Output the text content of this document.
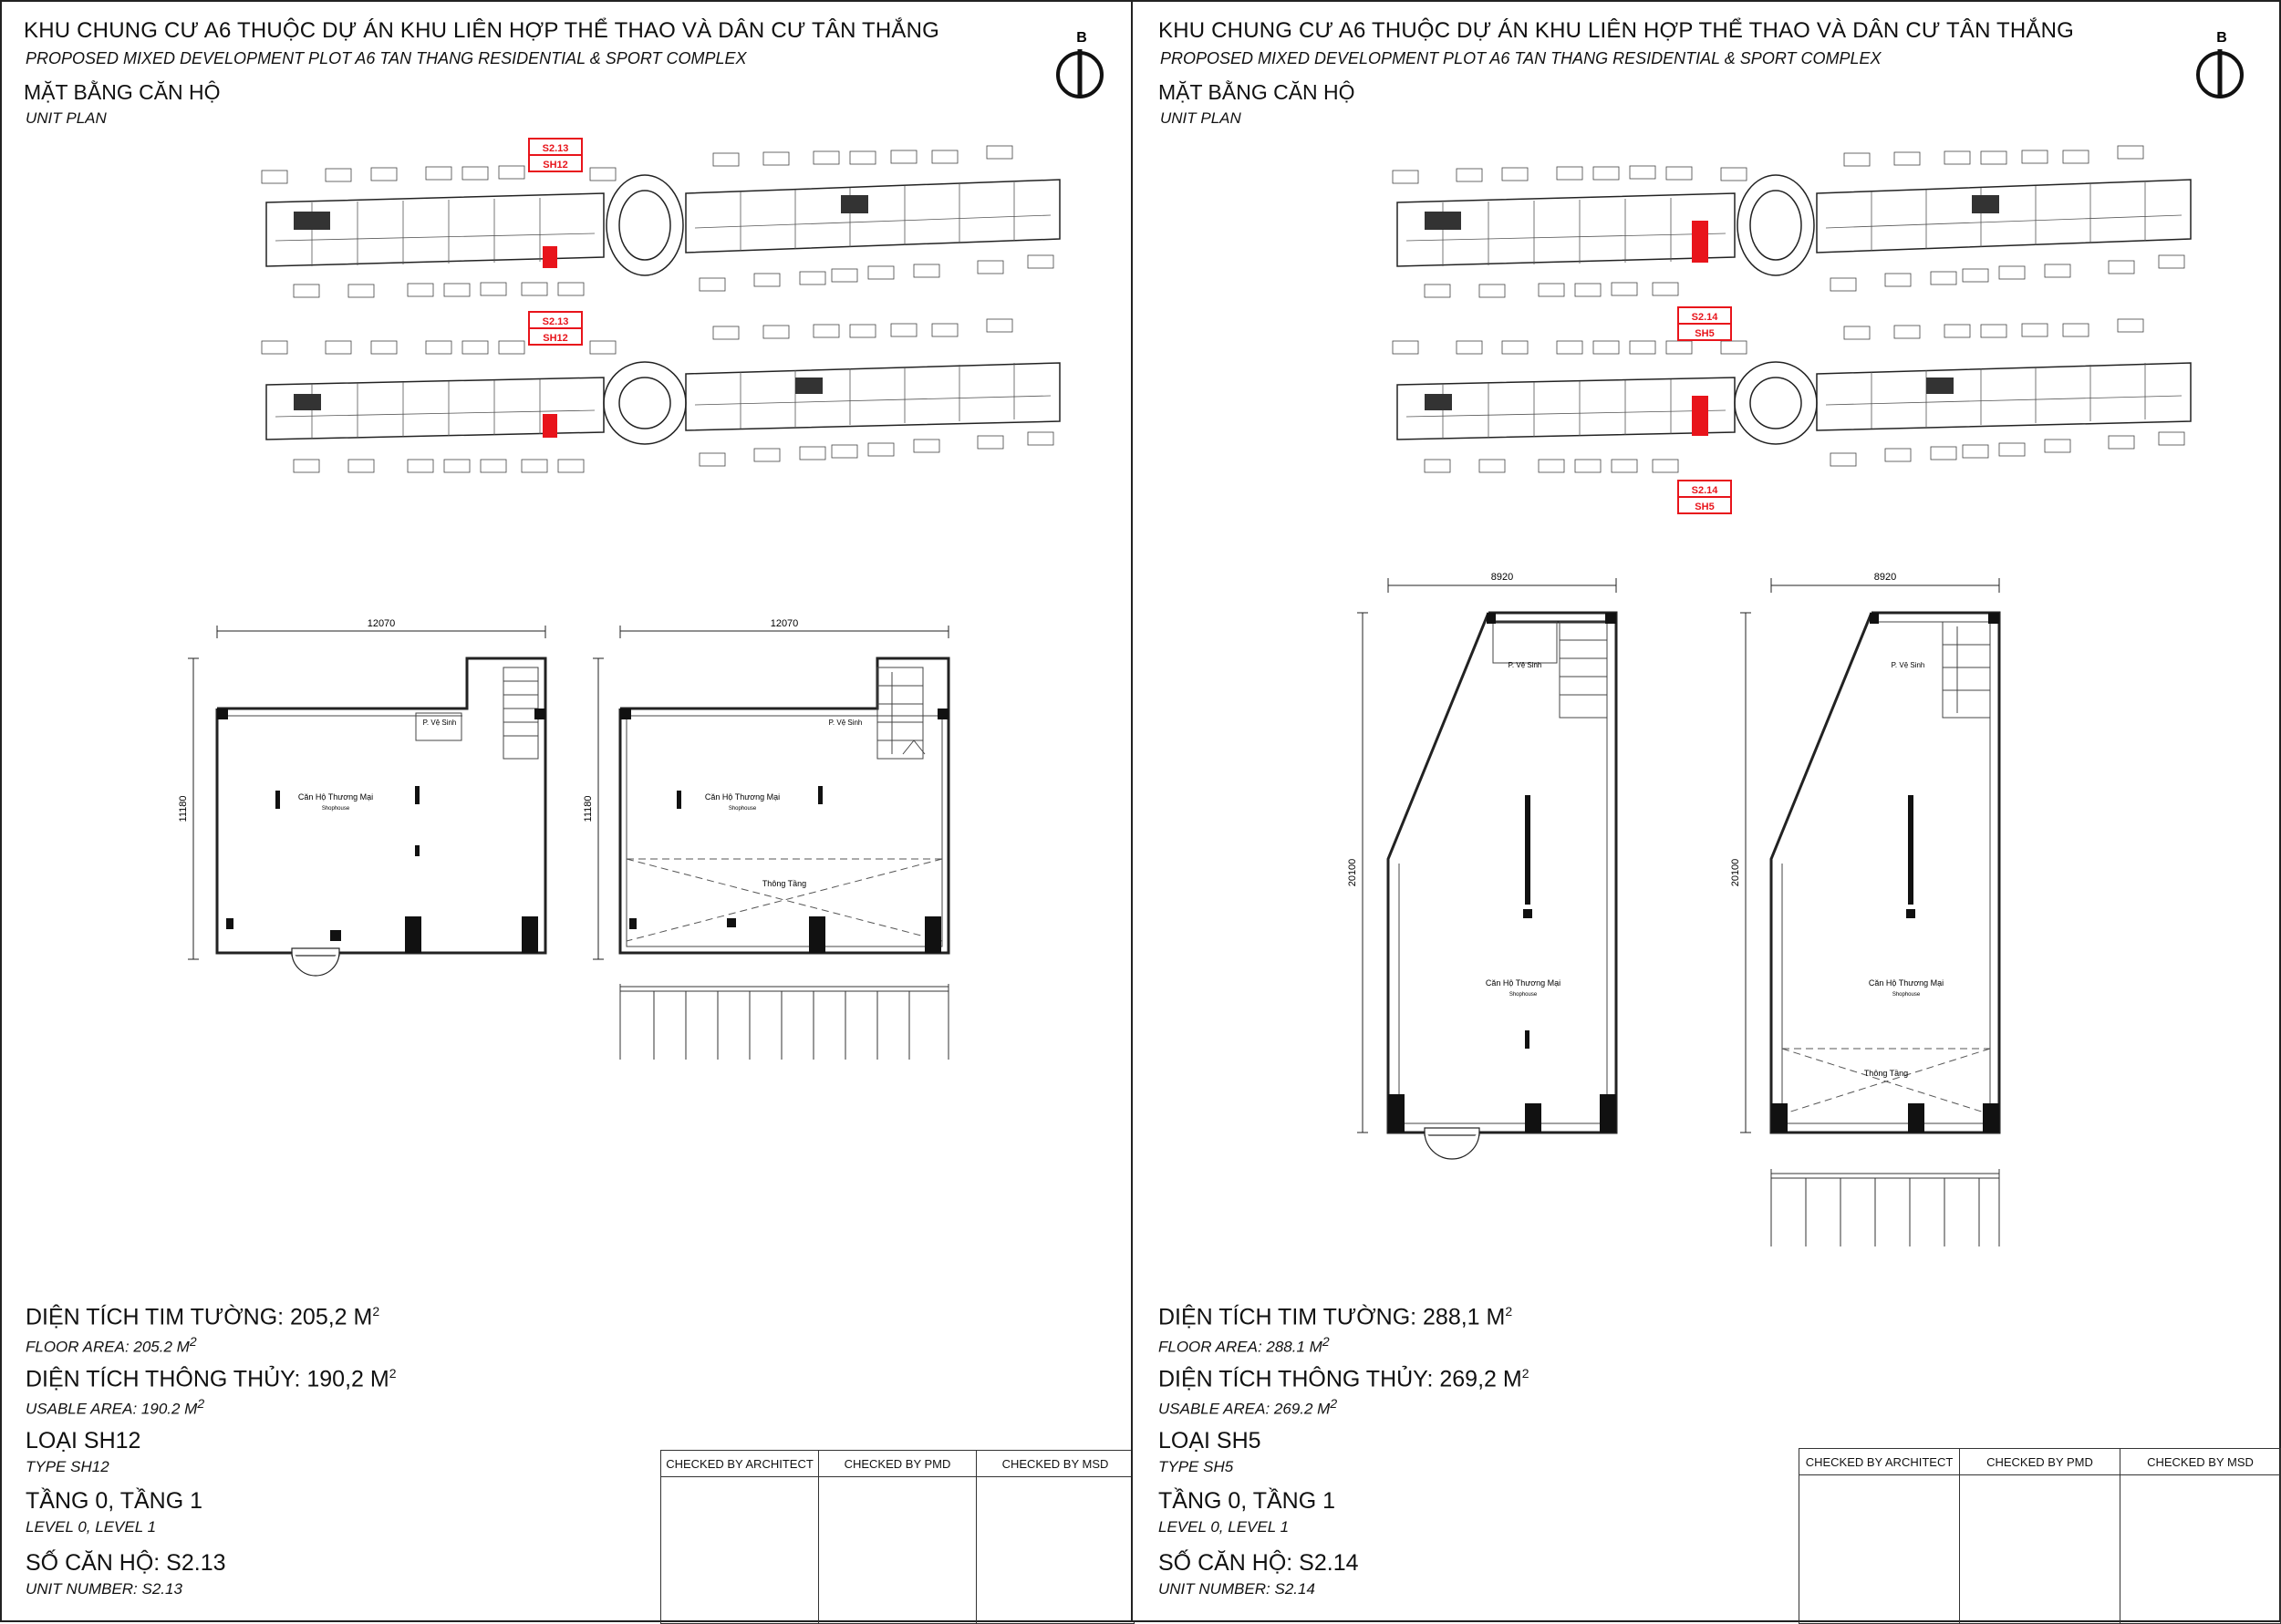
KHU CHUNG CƯ A6 THUỘC DỰ ÁN KHU LIÊN HỢP THỂ THAO VÀ DÂN CƯ TÂN THẮNG
PROPOSED MIXED DEVELOPMENT PLOT A6 TAN THANG RESIDENTIAL & SPORT COMPLEX
MẶT BẰNG CĂN HỘ
UNIT PLAN
B
S2.13
SH12
S2.13
SH12
12070
11180	Căn Hộ Thương Mại
Shophouse
P. Vệ Sinh
12070
11180	Căn Hộ Thương Mại
Shophouse
P. Vệ Sinh
Thông Tầng
DIỆN TÍCH TIM TƯỜNG: 205,2 $M^2$
FLOOR AREA: 205.2 $M^2$
DIỆN TÍCH THÔNG THỦY: 190,2 $M^2$
USABLE AREA: 190.2 $M^2$
LOẠI SH12
TYPE SH12
TẦNG 0, TẦNG 1
LEVEL 0, LEVEL 1
SỐ CĂN HỘ: S2.13
UNIT NUMBER: S2.13
CHECKED BY ARCHITECT	CHECKED BY PMD	CHECKED BY MSD
KHU CHUNG CƯ A6 THUỘC DỰ ÁN KHU LIÊN HỢP THỂ THAO VÀ DÂN CƯ TÂN THẮNG
PROPOSED MIXED DEVELOPMENT PLOT A6 TAN THANG RESIDENTIAL & SPORT COMPLEX
MẶT BẰNG CĂN HỘ
UNIT PLAN
B
S2.14
SH5
S2.14
SH5
8920
20100
Căn Hộ Thương Mại
Shophouse
P. Vệ Sinh
8920
20100
Căn Hộ Thương Mại
Shophouse
P. Vệ Sinh
Thông Tầng
DIỆN TÍCH TIM TƯỜNG: 288,1 $M^2$
FLOOR AREA: 288.1 $M^2$
DIỆN TÍCH THÔNG THỦY: 269,2 $M^2$
USABLE AREA: 269.2 $M^2$
LOẠI SH5
TYPE SH5
TẦNG 0, TẦNG 1
LEVEL 0, LEVEL 1
SỐ CĂN HỘ: S2.14
UNIT NUMBER: S2.14
CHECKED BY ARCHITECT	CHECKED BY PMD	CHECKED BY MSD
